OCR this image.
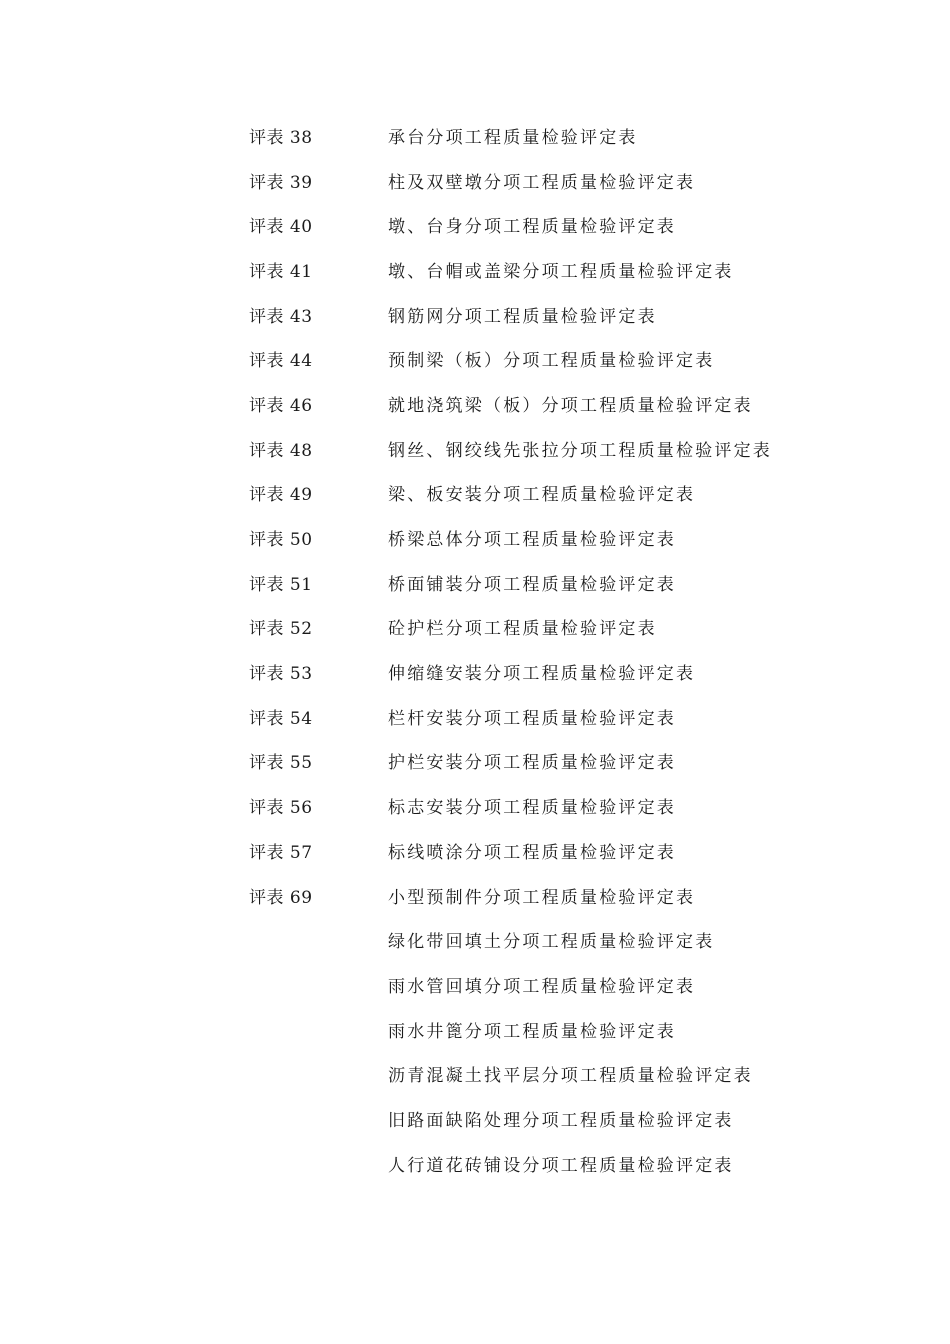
评表 38	承台分项工程质量检验评定表
评表 39	柱及双壁墩分项工程质量检验评定表
评表 40	墩、台身分项工程质量检验评定表
评表 41	墩、台帽或盖梁分项工程质量检验评定表
评表 43	钢筋网分项工程质量检验评定表
评表 44	预制梁（板）分项工程质量检验评定表
评表 46	就地浇筑梁（板）分项工程质量检验评定表
评表 48	钢丝、钢绞线先张拉分项工程质量检验评定表
评表 49	梁、板安装分项工程质量检验评定表
评表 50	桥梁总体分项工程质量检验评定表
评表 51	桥面铺装分项工程质量检验评定表
评表 52	砼护栏分项工程质量检验评定表
评表 53	伸缩缝安装分项工程质量检验评定表
评表 54	栏杆安装分项工程质量检验评定表
评表 55	护栏安装分项工程质量检验评定表
评表 56	标志安装分项工程质量检验评定表
评表 57	标线喷涂分项工程质量检验评定表
评表 69	小型预制件分项工程质量检验评定表
绿化带回填土分项工程质量检验评定表
雨水管回填分项工程质量检验评定表
雨水井篦分项工程质量检验评定表
沥青混凝土找平层分项工程质量检验评定表
旧路面缺陷处理分项工程质量检验评定表
人行道花砖铺设分项工程质量检验评定表
